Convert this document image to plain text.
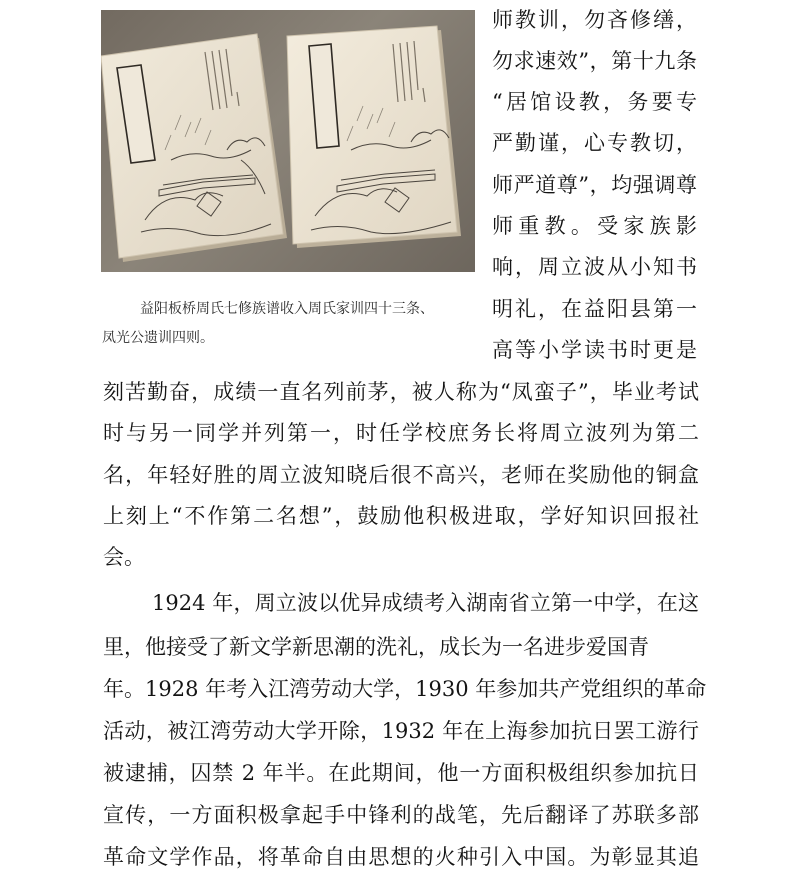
益阳板桥周氏七修族谱收入周氏家训四十三条、
凤光公遗训四则。
师教训，勿吝修缮，
勿求速效”，第十九条
“居馆设教，务要专
严勤谨，心专教切，
师严道尊”，均强调尊
师重教。受家族影
响，周立波从小知书
明礼，在益阳县第一
高等小学读书时更是
刻苦勤奋，成绩一直名列前茅，被人称为“凤蛮子”，毕业考试
时与另一同学并列第一，时任学校庶务长将周立波列为第二
名，年轻好胜的周立波知晓后很不高兴，老师在奖励他的铜盒
上刻上“不作第二名想”，鼓励他积极进取，学好知识回报社
会。
1924 年，周立波以优异成绩考入湖南省立第一中学，在这
里，他接受了新文学新思潮的洗礼，成长为一名进步爱国青
年。1928 年考入江湾劳动大学，1930 年参加共产党组织的革命
活动，被江湾劳动大学开除，1932 年在上海参加抗日罢工游行
被逮捕，囚禁 2 年半。在此期间，他一方面积极组织参加抗日
宣传，一方面积极拿起手中锋利的战笔，先后翻译了苏联多部
革命文学作品，将革命自由思想的火种引入中国。为彰显其追
